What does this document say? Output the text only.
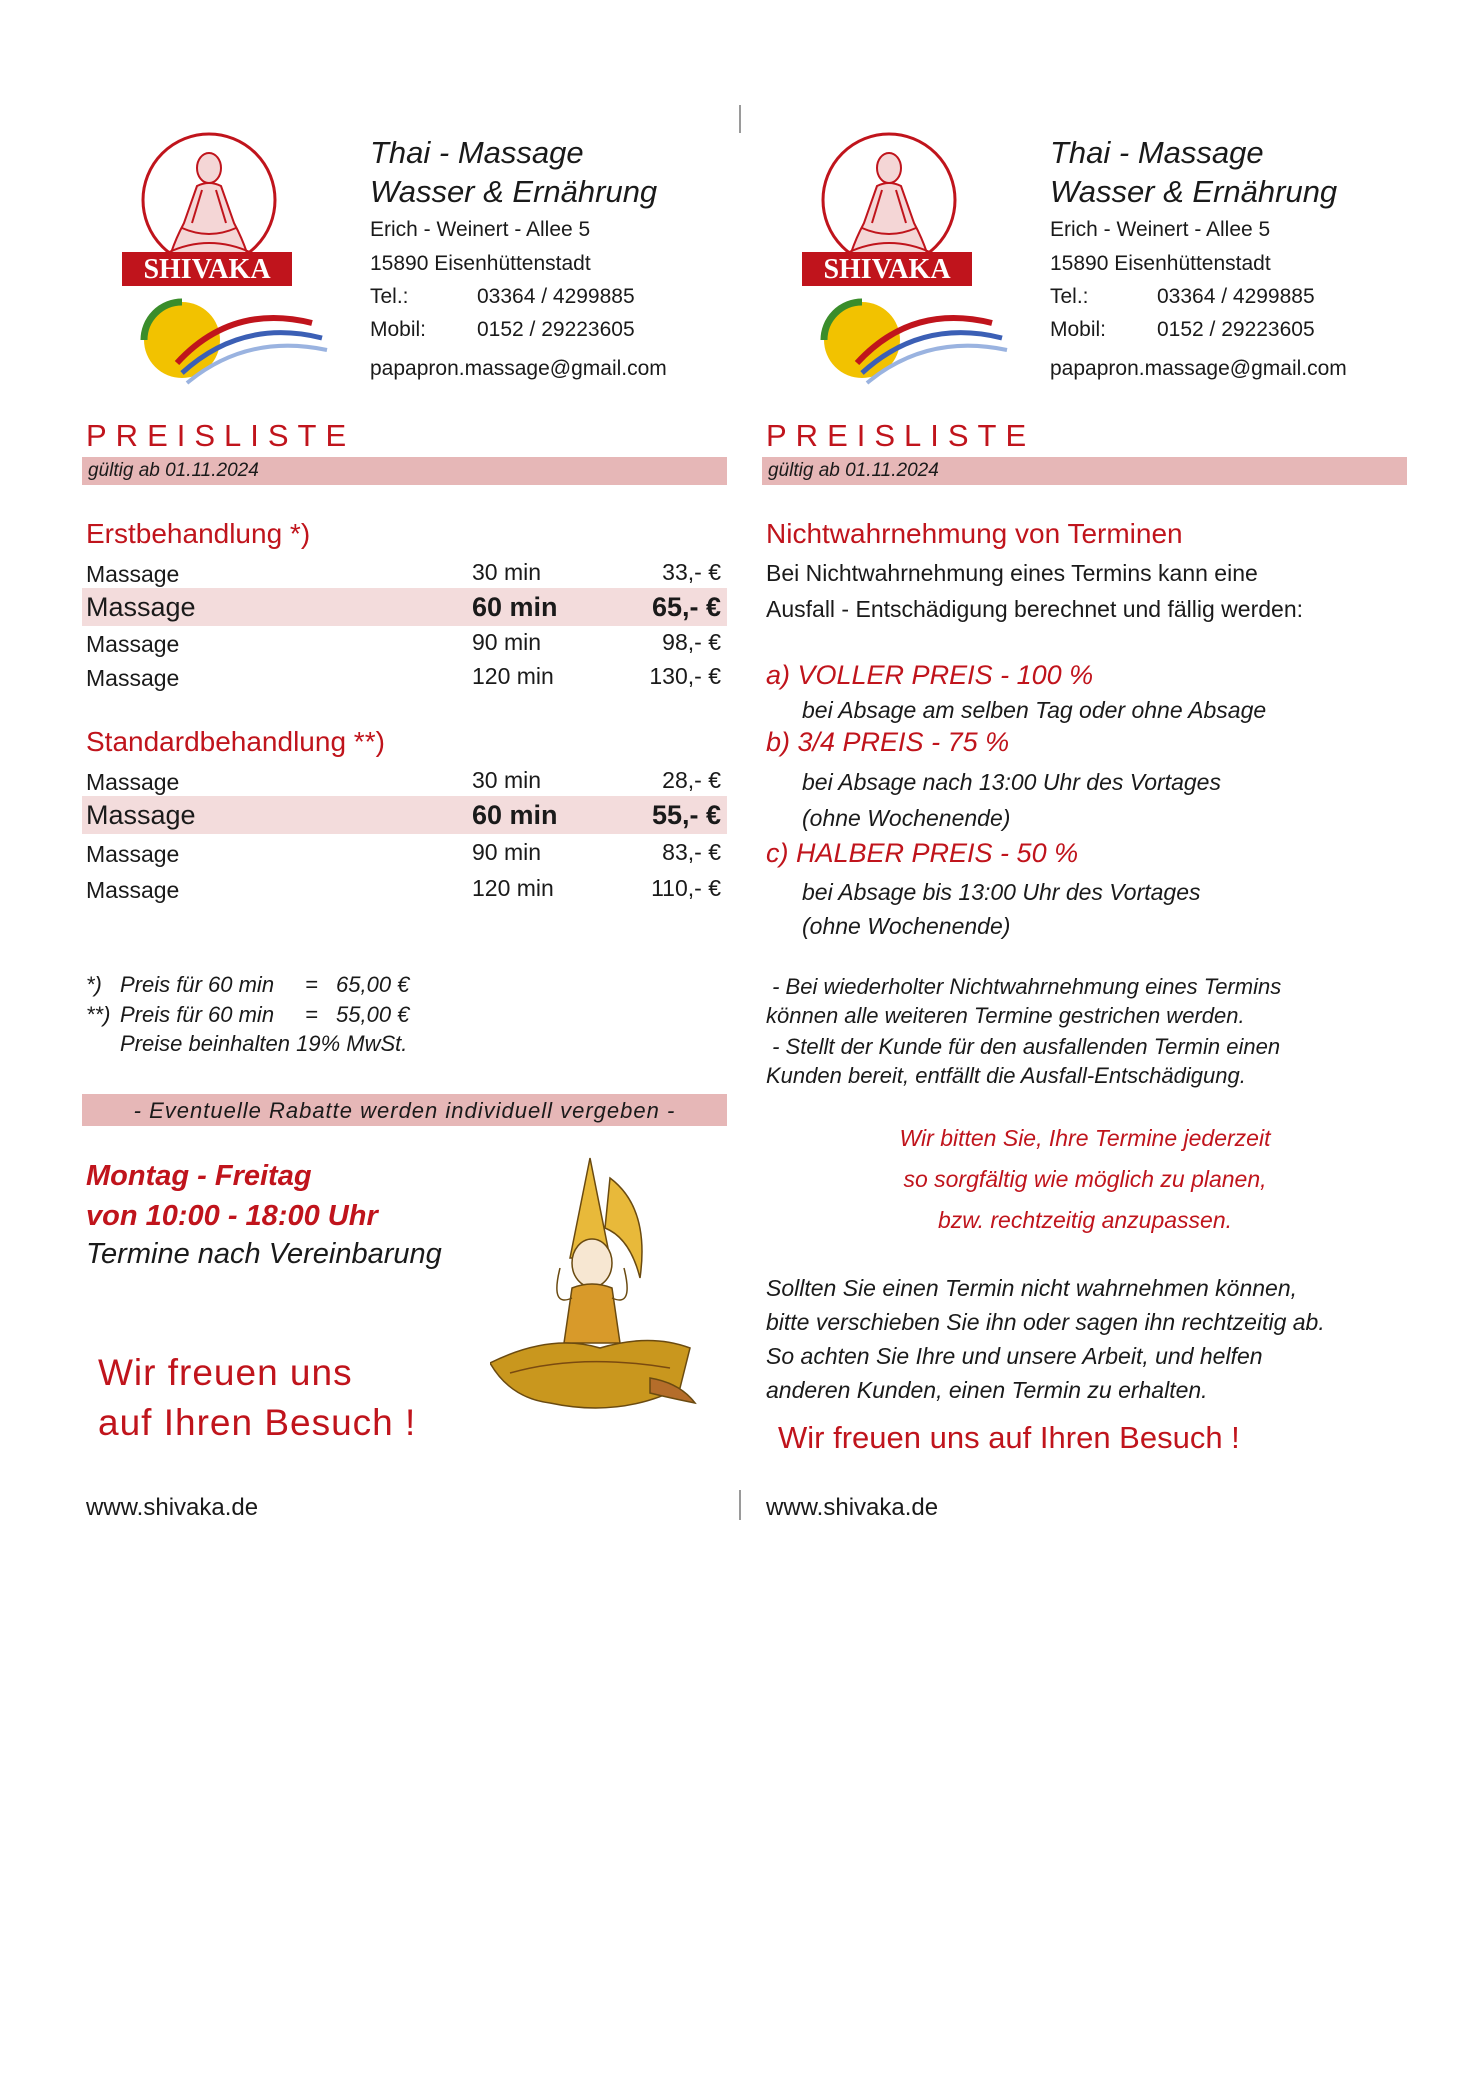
SHIVAKA
Thai - Massage
Wasser & Ernährung
Erich - Weinert - Allee 5
15890 Eisenhüttenstadt
Tel.:	03364 / 4299885
Mobil: 0152 / 29223605
papapron.massage@gmail.com
PREISLISTE
gültig ab 01.11.2024
Erstbehandlung *)
Massage	30 min	33,- €
Massage	60 min	65,- €
Massage	90 min	98,- €
Massage	120 min	130,- €
Standardbehandlung **)
Massage	30 min	28,- €
Massage	60 min	55,- €
Massage	90 min	83,- €
Massage	120 min	110,- €
*) Preis für 60 min = 65,00 €
**) Preis für 60 min = 55,00 €
Preise beinhalten 19% MwSt.
- Eventuelle Rabatte werden individuell vergeben -
Montag - Freitag
von 10:00 - 18:00 Uhr
Termine nach Vereinbarung
Wir freuen uns
auf Ihren Besuch !
www.shivaka.de
SHIVAKA
Thai - Massage
Wasser & Ernährung
Erich - Weinert - Allee 5
15890 Eisenhüttenstadt
Tel.:	03364 / 4299885
Mobil: 0152 / 29223605
papapron.massage@gmail.com
PREISLISTE
gültig ab 01.11.2024
Nichtwahrnehmung von Terminen
Bei Nichtwahrnehmung eines Termins kann eine
Ausfall - Entschädigung berechnet und fällig werden:
a) VOLLER PREIS - 100 %
bei Absage am selben Tag oder ohne Absage
b) 3/4 PREIS - 75 %
bei Absage nach 13:00 Uhr des Vortages
(ohne Wochenende)
c) HALBER PREIS - 50 %
bei Absage bis 13:00 Uhr des Vortages
(ohne Wochenende)
- Bei wiederholter Nichtwahrnehmung eines Termins
können alle weiteren Termine gestrichen werden.
- Stellt der Kunde für den ausfallenden Termin einen
Kunden bereit, entfällt die Ausfall-Entschädigung.
Wir bitten Sie, Ihre Termine jederzeit
so sorgfältig wie möglich zu planen,
bzw. rechtzeitig anzupassen.
Sollten Sie einen Termin nicht wahrnehmen können,
bitte verschieben Sie ihn oder sagen ihn rechtzeitig ab.
So achten Sie Ihre und unsere Arbeit, und helfen
anderen Kunden, einen Termin zu erhalten.
Wir freuen uns auf Ihren Besuch !
www.shivaka.de
